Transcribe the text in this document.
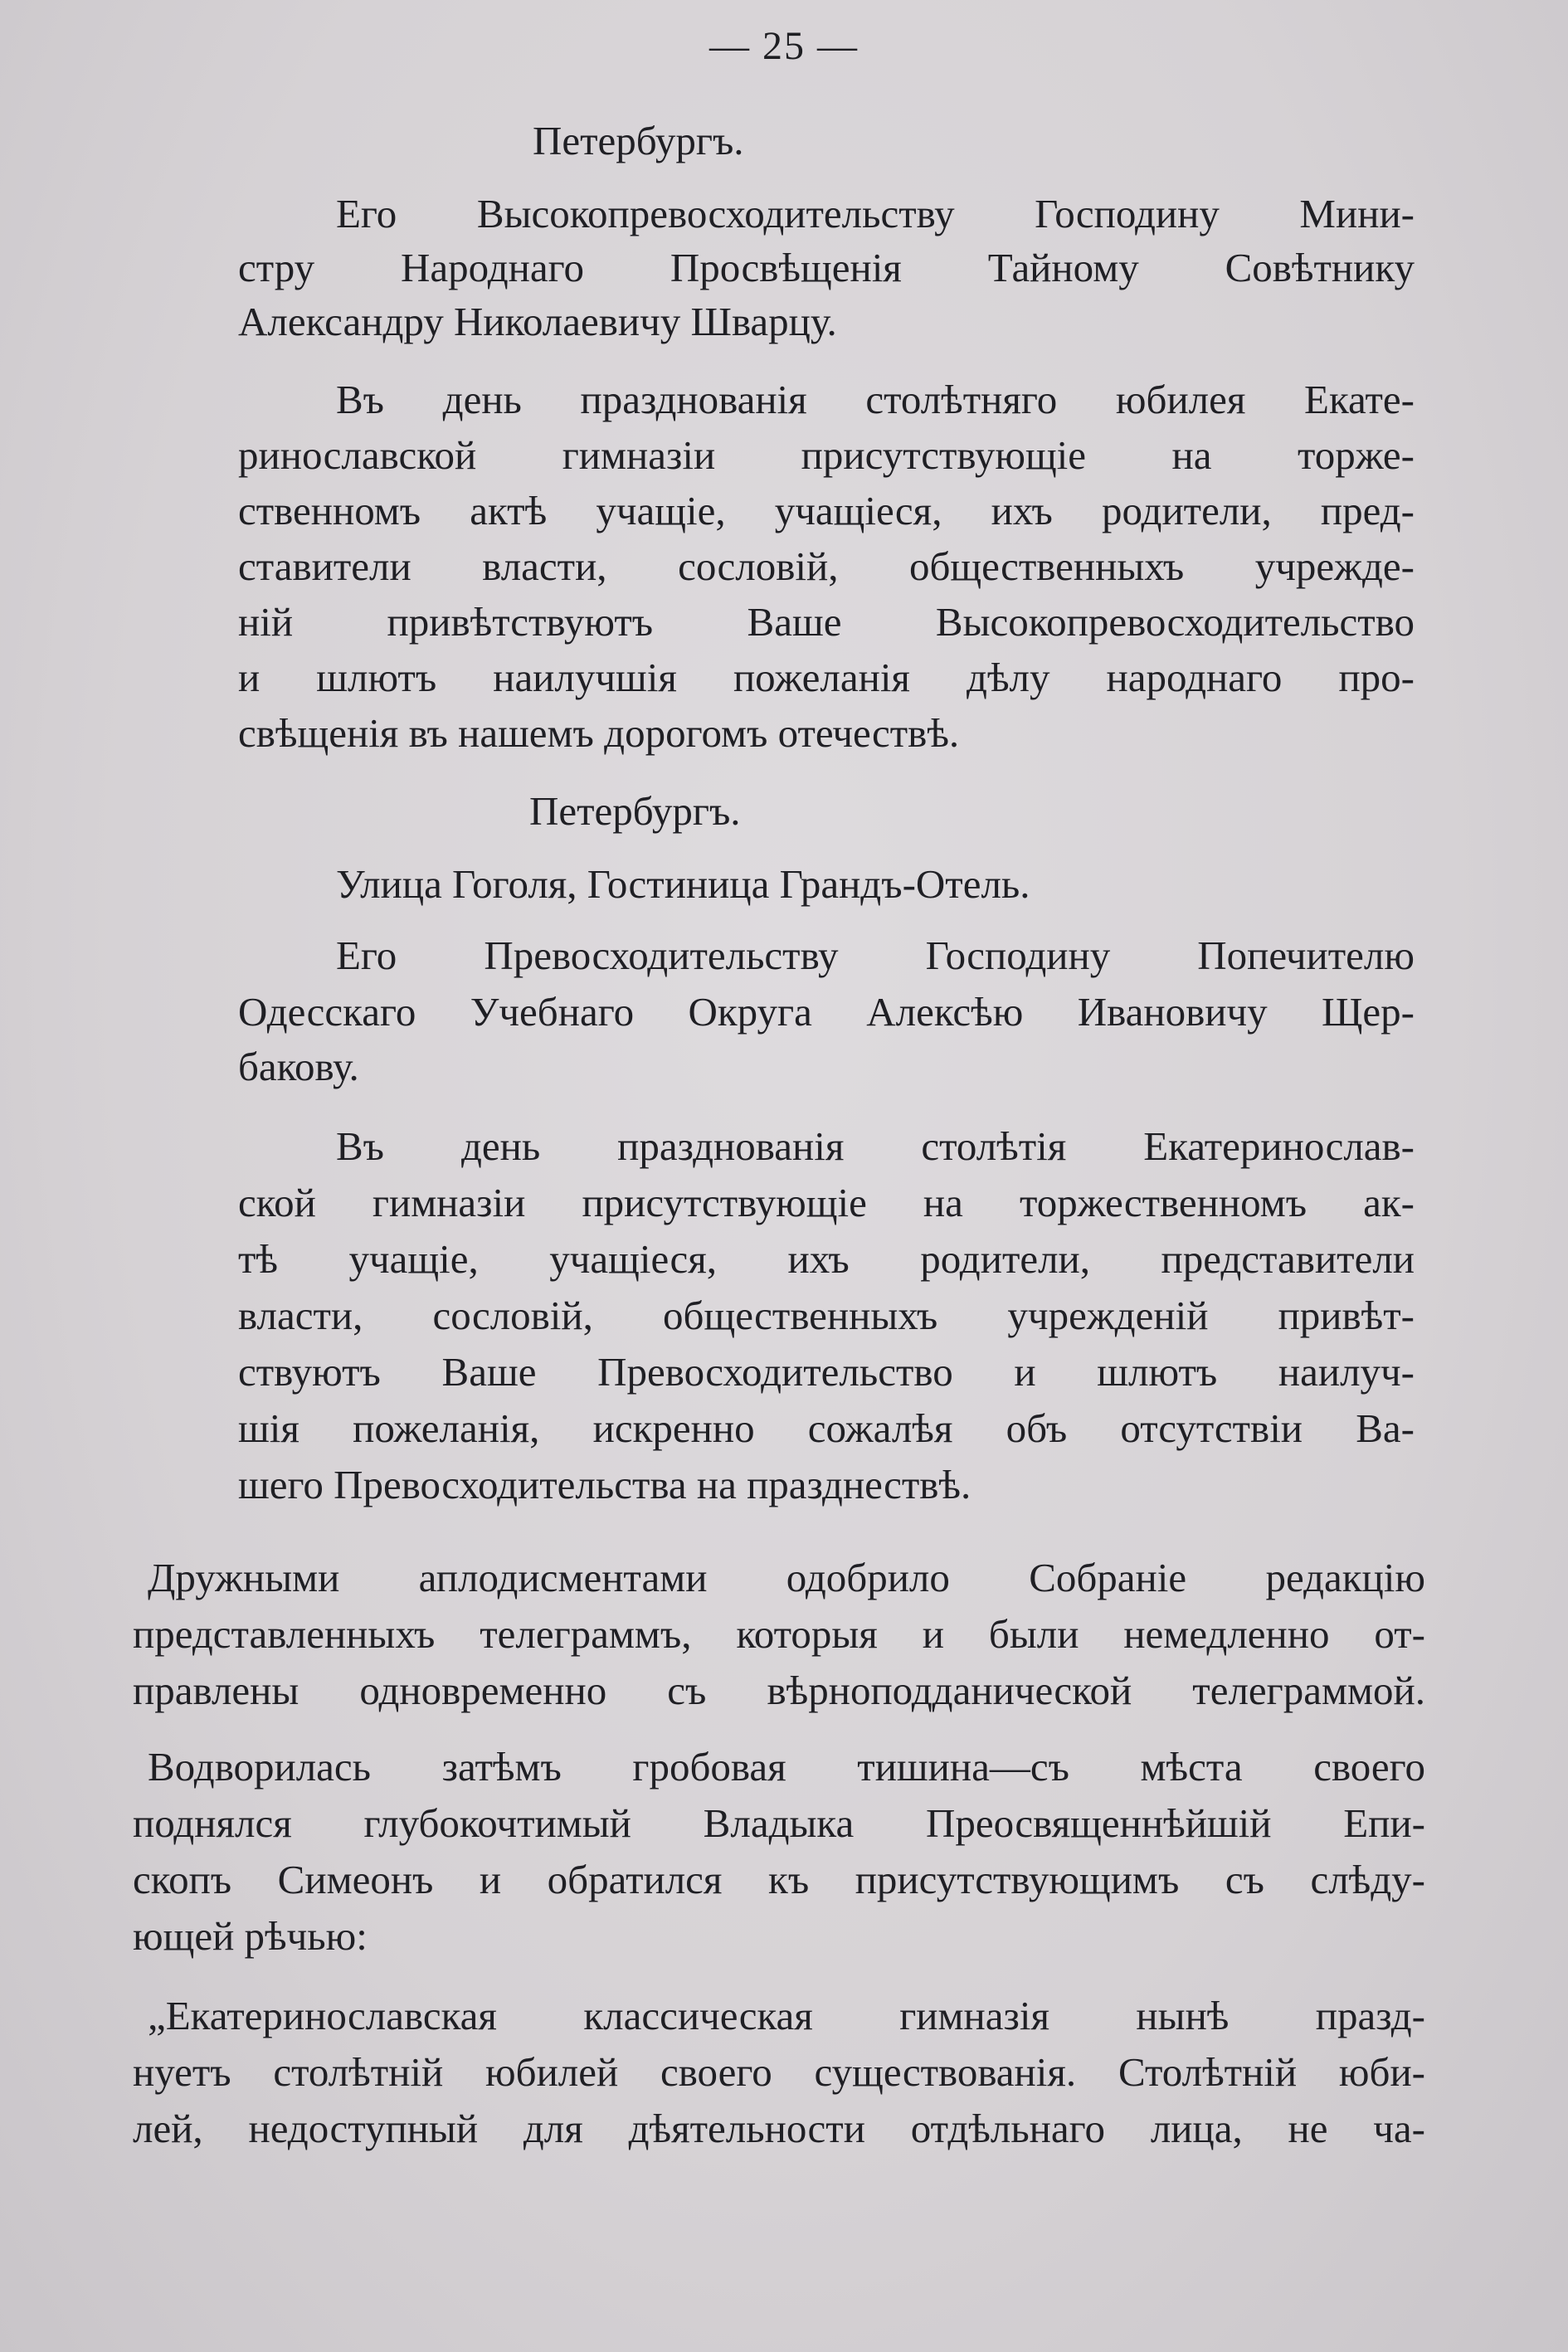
— 25 —
Петербургъ.
Его Высокопревосходительству Господину Мини-
стру Народнаго Просвѣщенія Тайному Совѣтнику
Александру Николаевичу Шварцу.
Въ день празднованія столѣтняго юбилея Екате-
ринославской гимназіи присутствующіе на торже-
ственномъ актѣ учащіе, учащіеся, ихъ родители, пред-
ставители власти, сословій, общественныхъ учрежде-
ній привѣтствуютъ Ваше Высокопревосходительство
и шлютъ наилучшія пожеланія дѣлу народнаго про-
свѣщенія въ нашемъ дорогомъ отечествѣ.
Петербургъ.
Улица Гоголя, Гостиница Грандъ-Отель.
Его Превосходительству Господину Попечителю
Одесскаго Учебнаго Округа Алексѣю Ивановичу Щер-
бакову.
Въ день празднованія столѣтія Екатеринослав-
ской гимназіи присутствующіе на торжественномъ ак-
тѣ учащіе, учащіеся, ихъ родители, представители
власти, сословій, общественныхъ учрежденій привѣт-
ствуютъ Ваше Превосходительство и шлютъ наилуч-
шія пожеланія, искренно сожалѣя объ отсутствіи Ва-
шего Превосходительства на празднествѣ.
Дружными аплодисментами одобрило Собраніе редакцію
представленныхъ телеграммъ, которыя и были немедленно от-
правлены одновременно съ вѣрноподданической телеграммой.
Водворилась затѣмъ гробовая тишина—съ мѣста своего
поднялся глубокочтимый Владыка Преосвященнѣйшій Епи-
скопъ Симеонъ и обратился къ присутствующимъ съ слѣду-
ющей рѣчью:
„Екатеринославская классическая гимназія нынѣ празд-
нуетъ столѣтній юбилей своего существованія. Столѣтній юби-
лей, недоступный для дѣятельности отдѣльнаго лица, не ча-
